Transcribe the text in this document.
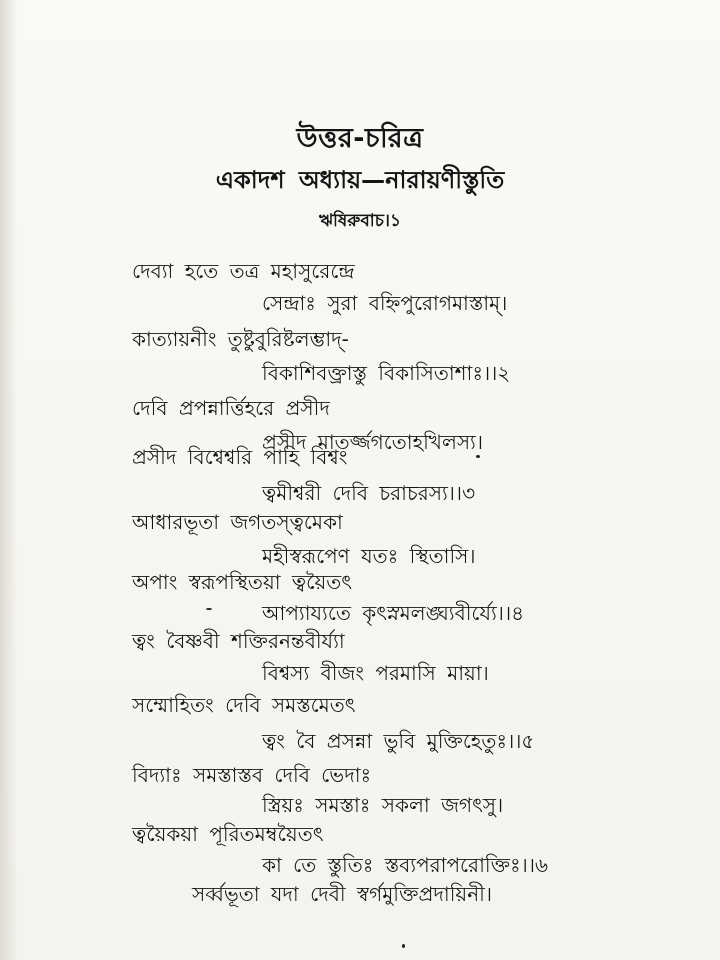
উত্তর-চরিত্র
একাদশ অধ্যায়—নারায়ণীস্তুতি
ঋষিরুবাচ।১
দেব্যা হতে তত্র মহাসুরেন্দ্রে
সেন্দ্রাঃ সুরা বহ্নিপুরোগমাস্তাম্।
কাত্যায়নীং তুষ্টুবুরিষ্টলম্ভাদ্-
বিকাশিবক্ত্রাস্তু বিকাসিতাশাঃ।।২
দেবি প্রপন্নার্ত্তিহরে প্রসীদ
প্রসীদ মাতর্জ্জগতোহখিলস্য।
প্রসীদ বিশ্বেশ্বরি পাহি বিশ্বং
ত্বমীশ্বরী দেবি চরাচরস্য।।৩
আধারভূতা জগতস্ত্বমেকা
মহীস্বরূপেণ যতঃ স্থিতাসি।
অপাং স্বরূপস্থিতয়া ত্বয়ৈতৎ
আপ্যায্যতে কৃৎস্নমলঙ্ঘ্যবীর্য্যে।।৪
ত্বং বৈষ্ণবী শক্তিরনন্তবীর্য্যা
বিশ্বস্য বীজং পরমাসি মায়া।
সম্মোহিতং দেবি সমস্তমেতৎ
ত্বং বৈ প্রসন্না ভুবি মুক্তিহেতুঃ।।৫
বিদ্যাঃ সমস্তাস্তব দেবি ভেদাঃ
স্ত্রিয়ঃ সমস্তাঃ সকলা জগৎসু।
ত্বয়ৈকয়া পূরিতমম্বয়ৈতৎ
কা তে স্তুতিঃ স্তব্যপরাপরোক্তিঃ।।৬
সর্ব্বভূতা যদা দেবী স্বর্গমুক্তিপ্রদায়িনী।
